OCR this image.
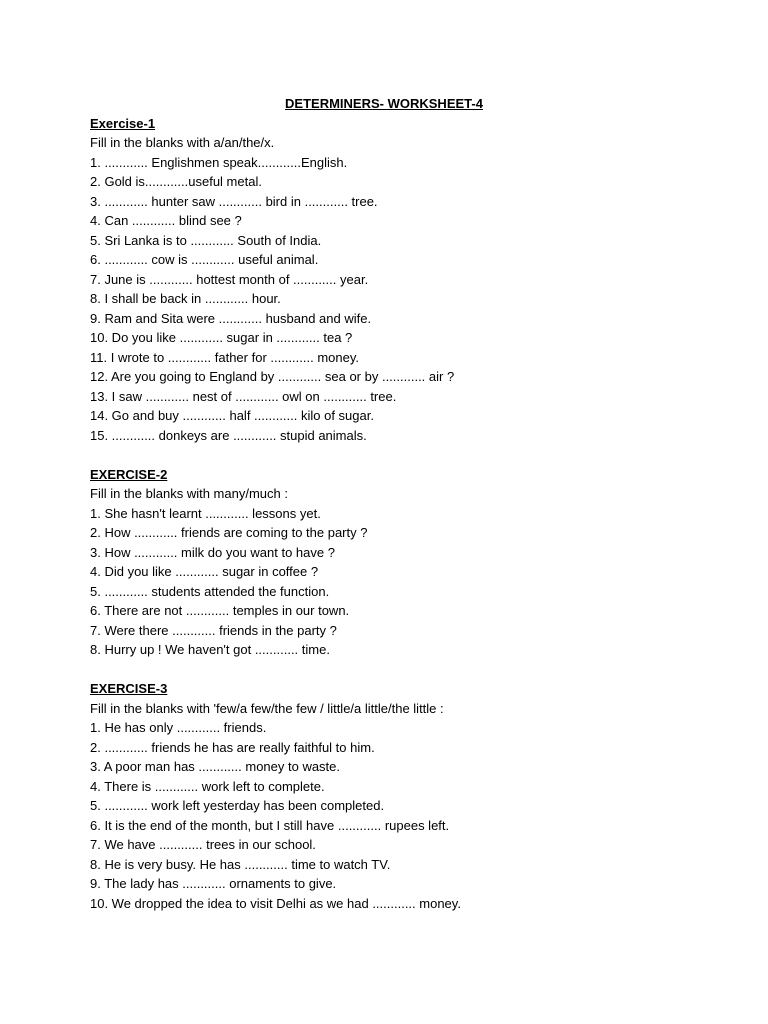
DETERMINERS- WORKSHEET-4
Exercise-1
Fill in the blanks with a/an/the/x.
1. ............ Englishmen speak............English.
2. Gold is............useful metal.
3. ............ hunter saw ............ bird in ............ tree.
4. Can ............ blind see ?
5. Sri Lanka is to ............ South of India.
6. ............ cow is ............ useful animal.
7. June is ............ hottest month of ............ year.
8. I shall be back in ............ hour.
9. Ram and Sita were ............ husband and wife.
10. Do you like ............ sugar in ............ tea ?
11. I wrote to ............ father for ............ money.
12. Are you going to England by ............ sea or by ............ air ?
13. I saw ............ nest of ............ owl on ............ tree.
14. Go and buy ............ half ............ kilo of sugar.
15. ............ donkeys are ............ stupid animals.
EXERCISE-2
Fill in the blanks with many/much :
1. She hasn't learnt ............ lessons yet.
2. How ............ friends are coming to the party ?
3. How ............ milk do you want to have ?
4. Did you like ............ sugar in coffee ?
5. ............ students attended the function.
6. There are not ............ temples in our town.
7. Were there ............ friends in the party ?
8. Hurry up ! We haven't got ............ time.
EXERCISE-3
Fill in the blanks with 'few/a few/the few / little/a little/the little :
1. He has only ............ friends.
2. ............ friends he has are really faithful to him.
3. A poor man has ............ money to waste.
4. There is ............ work left to complete.
5. ............ work left yesterday has been completed.
6. It is the end of the month, but I still have ............ rupees left.
7. We have ............ trees in our school.
8. He is very busy. He has ............ time to watch TV.
9. The lady has ............ ornaments to give.
10. We dropped the idea to visit Delhi as we had ............ money.
